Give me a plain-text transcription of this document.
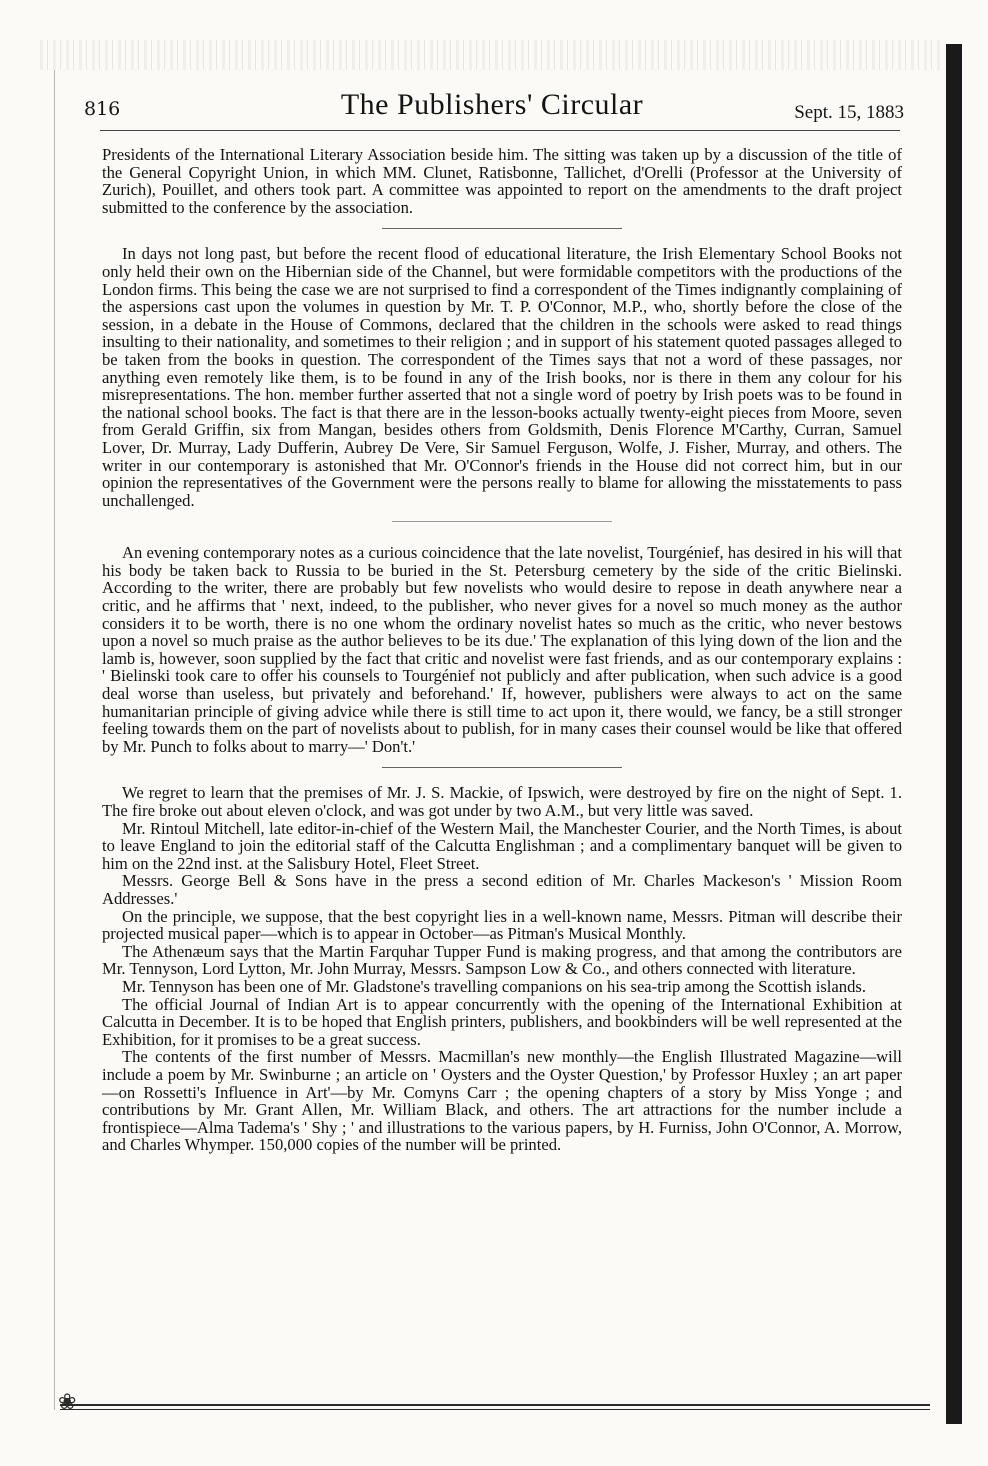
816	The Publishers' Circular	Sept. 15, 1883

Presidents of the International Literary Association beside him. The sitting was taken up by a discussion of the title of the General Copyright Union, in which MM. Clunet, Ratisbonne, Tallichet, d'Orelli (Professor at the University of Zurich), Pouillet, and others took part. A committee was appointed to report on the amendments to the draft project submitted to the conference by the association.

In days not long past, but before the recent flood of educational literature, the Irish Elementary School Books not only held their own on the Hibernian side of the Channel, but were formidable competitors with the productions of the London firms. This being the case we are not surprised to find a correspondent of the Times indignantly complaining of the aspersions cast upon the volumes in question by Mr. T. P. O'Connor, M.P., who, shortly before the close of the session, in a debate in the House of Commons, declared that the children in the schools were asked to read things insulting to their nationality, and sometimes to their religion ; and in support of his statement quoted passages alleged to be taken from the books in question. The correspondent of the Times says that not a word of these passages, nor anything even remotely like them, is to be found in any of the Irish books, nor is there in them any colour for his misrepresentations. The hon. member further asserted that not a single word of poetry by Irish poets was to be found in the national school books. The fact is that there are in the lesson-books actually twenty-eight pieces from Moore, seven from Gerald Griffin, six from Mangan, besides others from Goldsmith, Denis Florence M'Carthy, Curran, Samuel Lover, Dr. Murray, Lady Dufferin, Aubrey De Vere, Sir Samuel Ferguson, Wolfe, J. Fisher, Murray, and others. The writer in our contemporary is astonished that Mr. O'Connor's friends in the House did not correct him, but in our opinion the representatives of the Government were the persons really to blame for allowing the misstatements to pass unchallenged.

An evening contemporary notes as a curious coincidence that the late novelist, Tourgénief, has desired in his will that his body be taken back to Russia to be buried in the St. Petersburg cemetery by the side of the critic Bielinski. According to the writer, there are probably but few novelists who would desire to repose in death anywhere near a critic, and he affirms that ' next, indeed, to the publisher, who never gives for a novel so much money as the author considers it to be worth, there is no one whom the ordinary novelist hates so much as the critic, who never bestows upon a novel so much praise as the author believes to be its due.' The explanation of this lying down of the lion and the lamb is, however, soon supplied by the fact that critic and novelist were fast friends, and as our contemporary explains : ' Bielinski took care to offer his counsels to Tourgénief not publicly and after publication, when such advice is a good deal worse than useless, but privately and beforehand.' If, however, publishers were always to act on the same humanitarian principle of giving advice while there is still time to act upon it, there would, we fancy, be a still stronger feeling towards them on the part of novelists about to publish, for in many cases their counsel would be like that offered by Mr. Punch to folks about to marry—' Don't.'

We regret to learn that the premises of Mr. J. S. Mackie, of Ipswich, were destroyed by fire on the night of Sept. 1. The fire broke out about eleven o'clock, and was got under by two A.M., but very little was saved.

Mr. Rintoul Mitchell, late editor-in-chief of the Western Mail, the Manchester Courier, and the North Times, is about to leave England to join the editorial staff of the Calcutta Englishman ; and a complimentary banquet will be given to him on the 22nd inst. at the Salisbury Hotel, Fleet Street.

Messrs. George Bell & Sons have in the press a second edition of Mr. Charles Mackeson's ' Mission Room Addresses.'

On the principle, we suppose, that the best copyright lies in a well-known name, Messrs. Pitman will describe their projected musical paper—which is to appear in October—as Pitman's Musical Monthly.

The Athenæum says that the Martin Farquhar Tupper Fund is making progress, and that among the contributors are Mr. Tennyson, Lord Lytton, Mr. John Murray, Messrs. Sampson Low & Co., and others connected with literature.

Mr. Tennyson has been one of Mr. Gladstone's travelling companions on his sea-trip among the Scottish islands.

The official Journal of Indian Art is to appear concurrently with the opening of the International Exhibition at Calcutta in December. It is to be hoped that English printers, publishers, and bookbinders will be well represented at the Exhibition, for it promises to be a great success.

The contents of the first number of Messrs. Macmillan's new monthly—the English Illustrated Magazine—will include a poem by Mr. Swinburne ; an article on ' Oysters and the Oyster Question,' by Professor Huxley ; an art paper—on Rossetti's Influence in Art'—by Mr. Comyns Carr ; the opening chapters of a story by Miss Yonge ; and contributions by Mr. Grant Allen, Mr. William Black, and others. The art attractions for the number include a frontispiece—Alma Tadema's ' Shy ; ' and illustrations to the various papers, by H. Furniss, John O'Connor, A. Morrow, and Charles Whymper. 150,000 copies of the number will be printed.

❀
